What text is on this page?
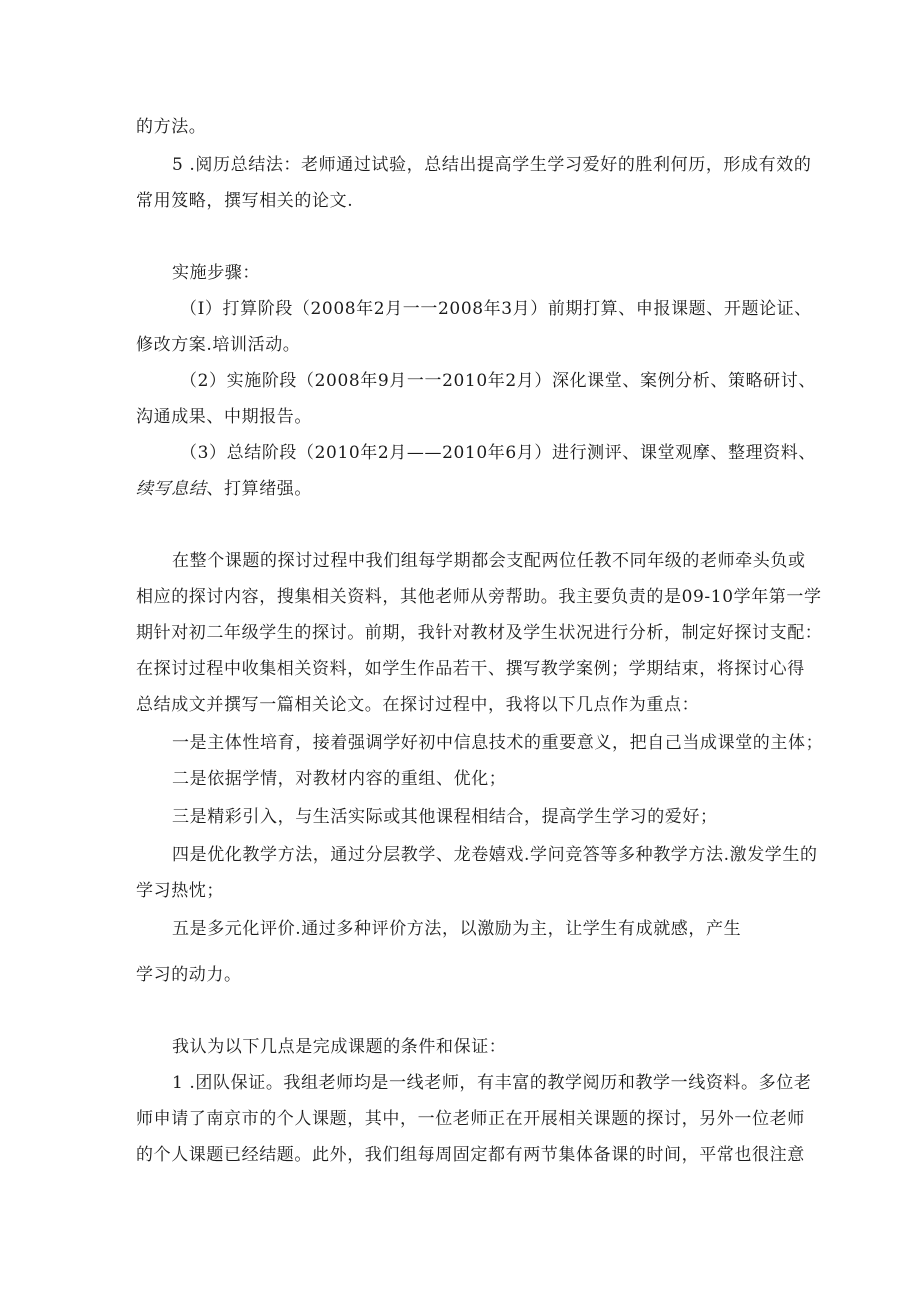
的方法。
5 .阅历总结法：老师通过试验，总结出提高学生学习爱好的胜利何历，形成有效的
常用笈略，撰写相关的论文.
实施步骤：
（I）打算阶段（2008年2月一一2008年3月）前期打算、申报课题、开题论证、
修改方案.培训活动。
（2）实施阶段（2008年9月一一2010年2月）深化课堂、案例分析、策略研讨、
沟通成果、中期报告。
（3）总结阶段（2010年2月——2010年6月）进行测评、课堂观摩、整理资料、
续写息结、打算绪强。
在整个课题的探讨过程中我们组每学期都会支配两位任教不同年级的老师牵头负或
相应的探讨内容，搜集相关资料，其他老师从旁帮助。我主要负责的是09-10学年第一学
期针对初二年级学生的探讨。前期，我针对教材及学生状况进行分析，制定好探讨支配：
在探讨过程中收集相关资料，如学生作品若干、撰写教学案例；学期结束，将探讨心得
总结成文并撰写一篇相关论文。在探讨过程中，我将以下几点作为重点：
一是主体性培育，接着强调学好初中信息技术的重要意义，把自己当成课堂的主体；
二是依据学情，对教材内容的重组、优化；
三是精彩引入，与生活实际或其他课程相结合，提高学生学习的爱好；
四是优化教学方法，通过分层教学、龙卷嬉戏.学问竞答等多种教学方法.激发学生的
学习热忱；
五是多元化评价.通过多种评价方法，以激励为主，让学生有成就感，产生
学习的动力。
我认为以下几点是完成课题的条件和保证：
1 .团队保证。我组老师均是一线老师，有丰富的教学阅历和教学一线资料。多位老
师申请了南京市的个人课题，其中，一位老师正在开展相关课题的探讨，另外一位老师
的个人课题已经结题。此外，我们组每周固定都有两节集体备课的时间，平常也很注意
